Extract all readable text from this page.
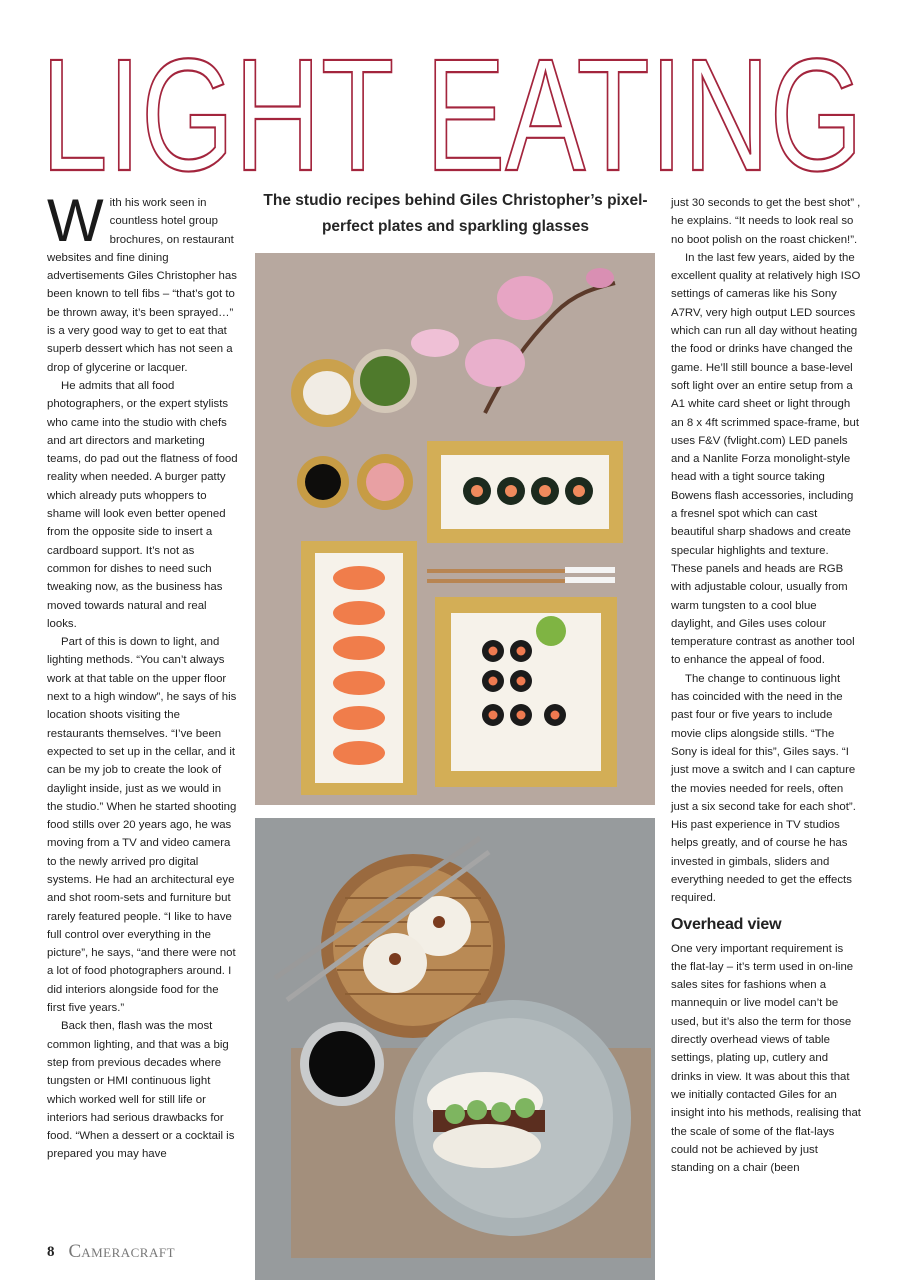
LIGHT EATING

With his work seen in countless hotel group brochures, on restaurant websites and fine dining advertisements Giles Christopher has been known to tell fibs – “that’s got to be thrown away, it’s been sprayed…” is a very good way to get to eat that superb dessert which has not seen a drop of glycerine or lacquer.

He admits that all food photographers, or the expert stylists who came into the studio with chefs and art directors and marketing teams, do pad out the flatness of food reality when needed. A burger patty which already puts whoppers to shame will look even better opened from the opposite side to insert a cardboard support. It’s not as common for dishes to need such tweaking now, as the business has moved towards natural and real looks.

Part of this is down to light, and lighting methods. “You can’t always work at that table on the upper floor next to a high window”, he says of his location shoots visiting the restaurants themselves. “I’ve been expected to set up in the cellar, and it can be my job to create the look of daylight inside, just as we would in the studio.” When he started shooting food stills over 20 years ago, he was moving from a TV and video camera to the newly arrived pro digital systems. He had an architectural eye and shot room-sets and furniture but rarely featured people. “I like to have full control over everything in the picture”, he says, “and there were not a lot of food photographers around. I did interiors alongside food for the first five years.”

Back then, flash was the most common lighting, and that was a big step from previous decades where tungsten or HMI continuous light which worked well for still life or interiors had serious drawbacks for food. “When a dessert or a cocktail is prepared you may have

The studio recipes behind Giles Christopher’s pixel-perfect plates and sparkling glasses

just 30 seconds to get the best shot” , he explains. “It needs to look real so no boot polish on the roast chicken!”.

In the last few years, aided by the excellent quality at relatively high ISO settings of cameras like his Sony A7RV, very high output LED sources which can run all day without heating the food or drinks have changed the game. He’ll still bounce a base-level soft light over an entire setup from a A1 white card sheet or light through an 8 x 4ft scrimmed space-frame, but uses F&V (fvlight.com) LED panels and a Nanlite Forza monolight-style head with a tight source taking Bowens flash accessories, including a fresnel spot which can cast beautiful sharp shadows and create specular highlights and texture. These panels and heads are RGB with adjustable colour, usually from warm tungsten to a cool blue daylight, and Giles uses colour temperature contrast as another tool to enhance the appeal of food.

The change to continuous light has coincided with the need in the past four or five years to include movie clips alongside stills. “The Sony is ideal for this”, Giles says. “I just move a switch and I can capture the movies needed for reels, often just a six second take for each shot”. His past experience in TV studios helps greatly, and of course he has invested in gimbals, sliders and everything needed to get the effects required.

Overhead view

One very important requirement is the flat-lay – it’s term used in on-line sales sites for fashions when a mannequin or live model can’t be used, but it’s also the term for those directly overhead views of table settings, plating up, cutlery and drinks in view. It was about this that we initially contacted Giles for an insight into his methods, realising that the scale of some of the flat-lays could not be achieved by just standing on a chair (been

8 CAMERACRAFT
